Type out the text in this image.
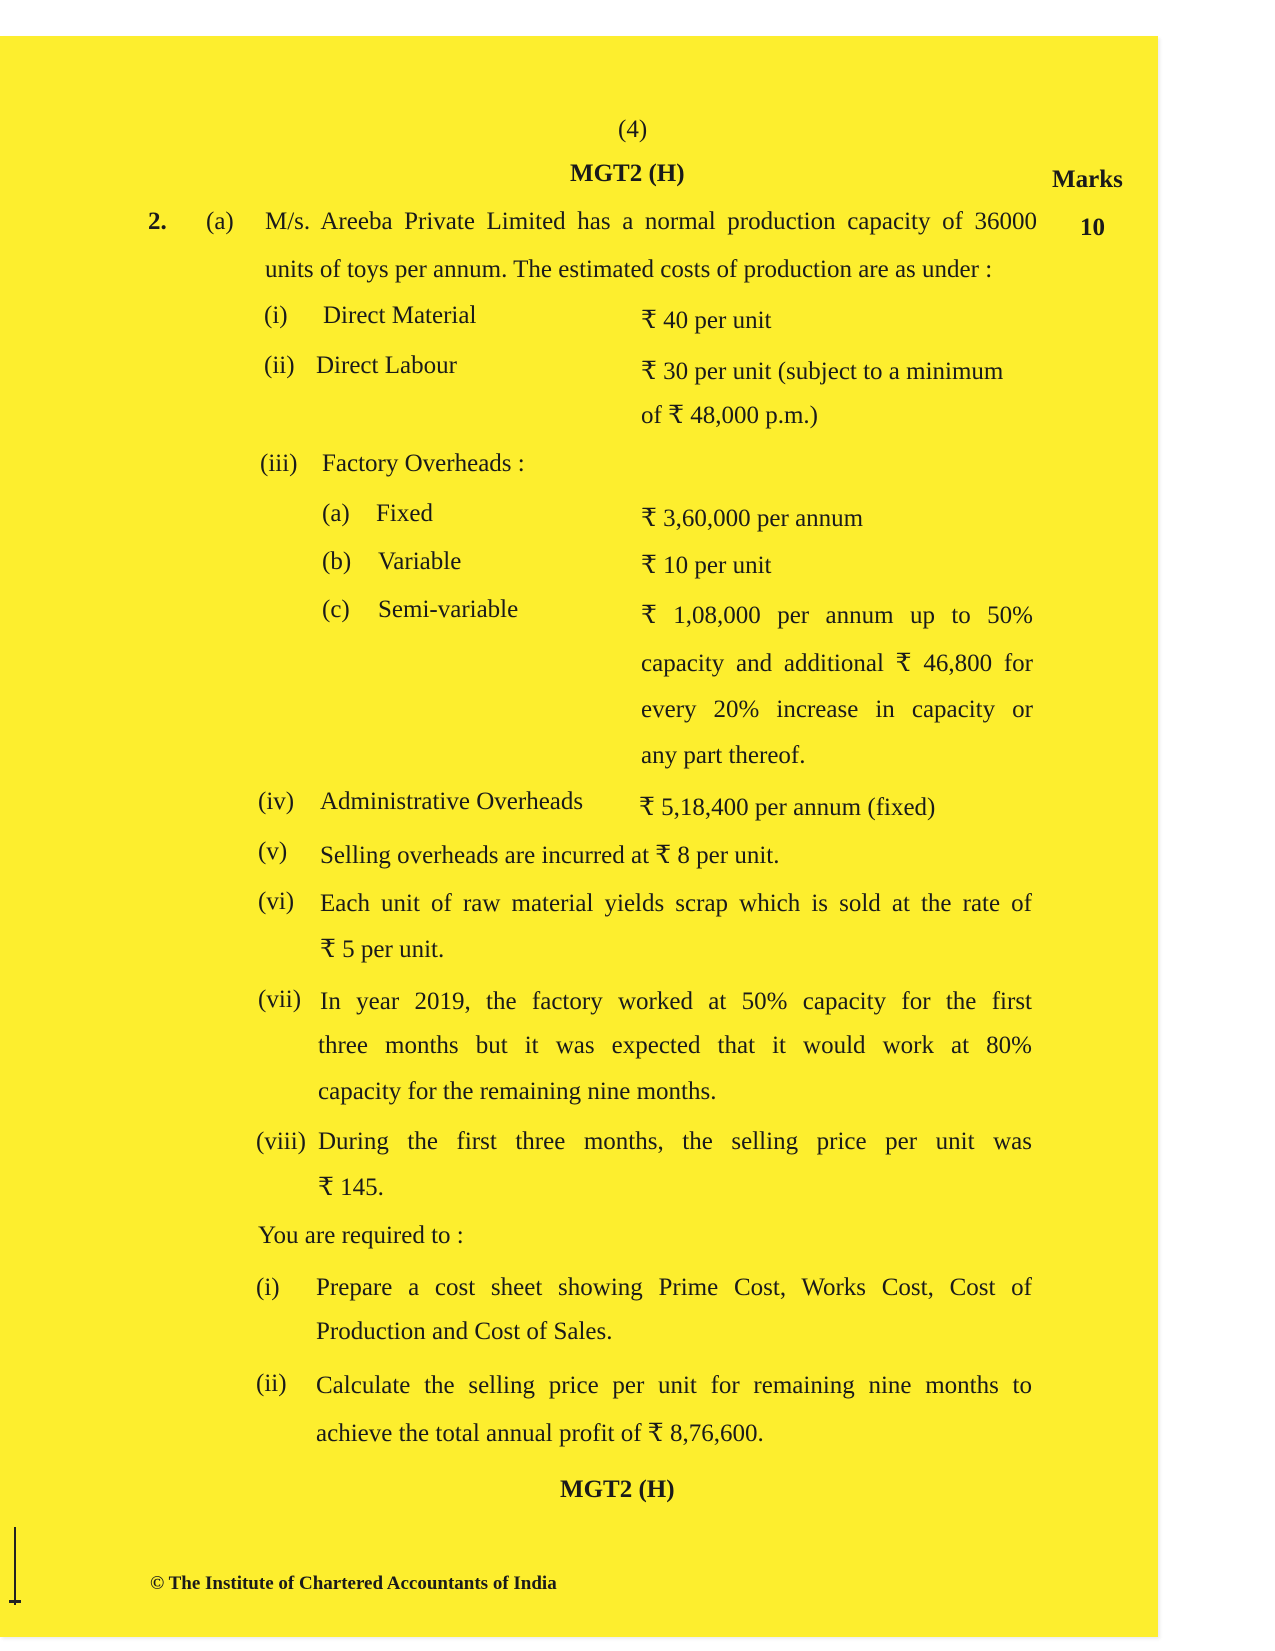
(4)
MGT2 (H)	Marks
10
2. (a) M/s. Areeba Private Limited has a normal production capacity of 36000
units of toys per annum. The estimated costs of production are as under :
(i) Direct Material	₹ 40 per unit
(ii) Direct Labour	₹ 30 per unit (subject to a minimum
of ₹ 48,000 p.m.)
(iii) Factory Overheads :
(a) Fixed	₹ 3,60,000 per annum
(b) Variable	₹ 10 per unit
(c) Semi-variable	₹ 1,08,000 per annum up to 50%
capacity and additional ₹ 46,800 for
every 20% increase in capacity or
any part thereof.
(iv) Administrative Overheads ₹ 5,18,400 per annum (fixed)
(v) Selling overheads are incurred at ₹ 8 per unit.
(vi) Each unit of raw material yields scrap which is sold at the rate of
₹ 5 per unit.
(vii) In year 2019, the factory worked at 50% capacity for the first
three months but it was expected that it would work at 80%
capacity for the remaining nine months.
(viii) During the first three months, the selling price per unit was
₹ 145.
You are required to :
(i) Prepare a cost sheet showing Prime Cost, Works Cost, Cost of
Production and Cost of Sales.
(ii) Calculate the selling price per unit for remaining nine months to
achieve the total annual profit of ₹ 8,76,600.
MGT2 (H)
© The Institute of Chartered Accountants of India
